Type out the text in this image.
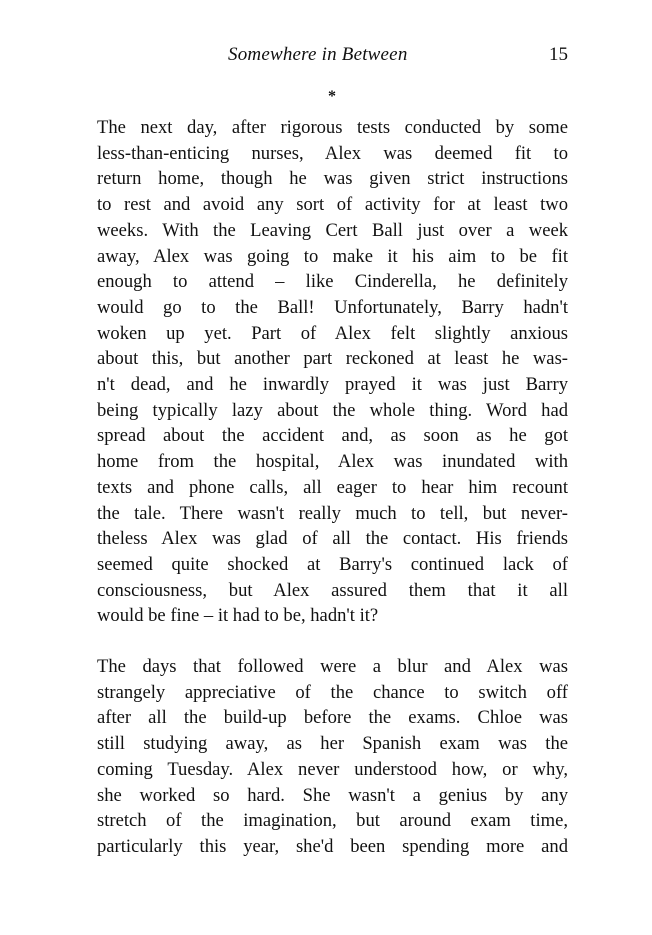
Somewhere in Between	15
*

The next day, after rigorous tests conducted by some
less-than-enticing nurses, Alex was deemed fit to
return home, though he was given strict instructions
to rest and avoid any sort of activity for at least two
weeks. With the Leaving Cert Ball just over a week
away, Alex was going to make it his aim to be fit
enough to attend – like Cinderella, he definitely
would go to the Ball! Unfortunately, Barry hadn't
woken up yet. Part of Alex felt slightly anxious
about this, but another part reckoned at least he was-
n't dead, and he inwardly prayed it was just Barry
being typically lazy about the whole thing. Word had
spread about the accident and, as soon as he got
home from the hospital, Alex was inundated with
texts and phone calls, all eager to hear him recount
the tale. There wasn't really much to tell, but never-
theless Alex was glad of all the contact. His friends
seemed quite shocked at Barry's continued lack of
consciousness, but Alex assured them that it all
would be fine – it had to be, hadn't it?

The days that followed were a blur and Alex was
strangely appreciative of the chance to switch off
after all the build-up before the exams. Chloe was
still studying away, as her Spanish exam was the
coming Tuesday. Alex never understood how, or why,
she worked so hard. She wasn't a genius by any
stretch of the imagination, but around exam time,
particularly this year, she'd been spending more and
